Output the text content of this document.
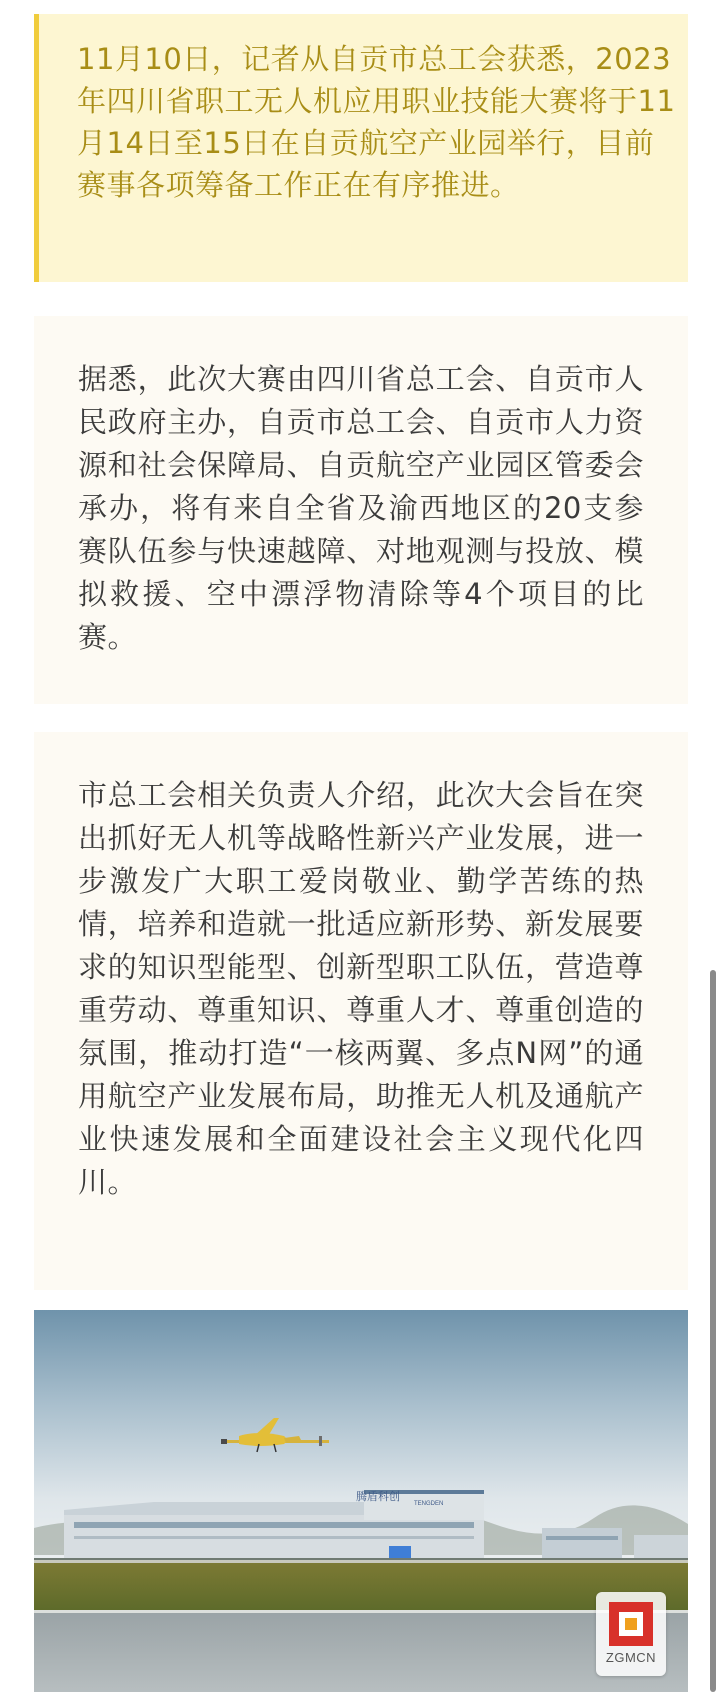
11月10日，记者从自贡市总工会获悉，2023年四川省职工无人机应用职业技能大赛将于11月14日至15日在自贡航空产业园举行，目前赛事各项筹备工作正在有序推进。

据悉，此次大赛由四川省总工会、自贡市人民政府主办，自贡市总工会、自贡市人力资源和社会保障局、自贡航空产业园区管委会承办，将有来自全省及渝西地区的20支参赛队伍参与快速越障、对地观测与投放、模拟救援、空中漂浮物清除等4个项目的比赛。

市总工会相关负责人介绍，此次大会旨在突出抓好无人机等战略性新兴产业发展，进一步激发广大职工爱岗敬业、勤学苦练的热情，培养和造就一批适应新形势、新发展要求的知识型能型、创新型职工队伍，营造尊重劳动、尊重知识、尊重人才、尊重创造的氛围，推动打造“一核两翼、多点N网”的通用航空产业发展布局，助推无人机及通航产业快速发展和全面建设社会主义现代化四川。

腾盾科创
TENGDEN
ZGMCN
